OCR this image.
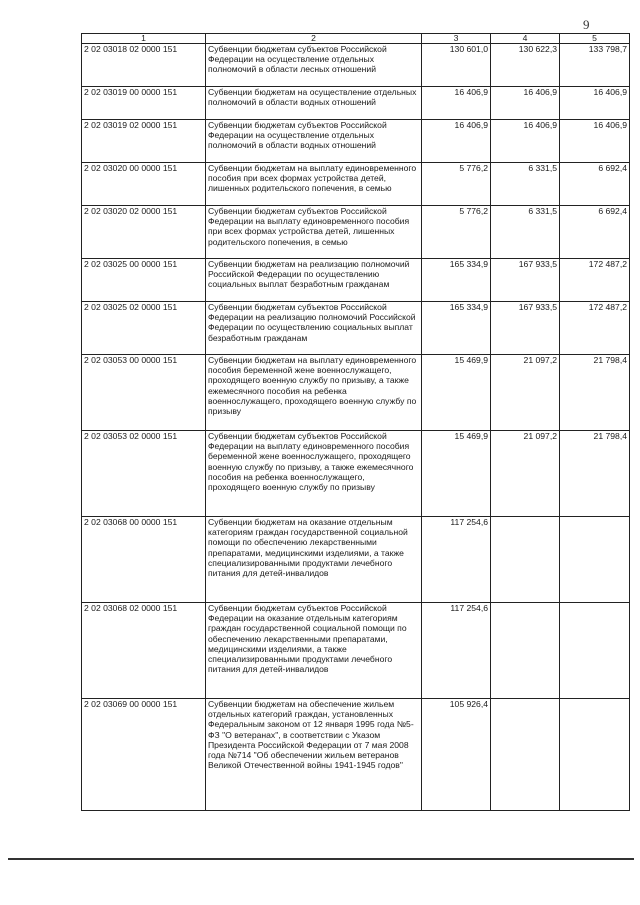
9
1	2	3	4	5
2 02 03018 02 0000 151	Субвенции бюджетам субъектов Российской Федерации на осуществление отдельных полномочий в области лесных отношений	130 601,0	130 622,3	133 798,7
2 02 03019 00 0000 151	Субвенции бюджетам на осуществление отдельных полномочий в области водных отношений	16 406,9	16 406,9	16 406,9
2 02 03019 02 0000 151	Субвенции бюджетам субъектов Российской Федерации на осуществление отдельных полномочий в области водных отношений	16 406,9	16 406,9	16 406,9
2 02 03020 00 0000 151	Субвенции бюджетам на выплату единовременного пособия при всех формах устройства детей, лишенных родительского попечения, в семью	5 776,2	6 331,5	6 692,4
2 02 03020 02 0000 151	Субвенции бюджетам субъектов Российской Федерации на выплату единовременного пособия при всех формах устройства детей, лишенных родительского попечения, в семью	5 776,2	6 331,5	6 692,4
2 02 03025 00 0000 151	Субвенции бюджетам на реализацию полномочий Российской Федерации по осуществлению социальных выплат безработным гражданам	165 334,9	167 933,5	172 487,2
2 02 03025 02 0000 151	Субвенции бюджетам субъектов Российской Федерации на реализацию полномочий Российской Федерации по осуществлению социальных выплат безработным гражданам	165 334,9	167 933,5	172 487,2
2 02 03053 00 0000 151	Субвенции бюджетам на выплату единовременного пособия беременной жене военнослужащего, проходящего военную службу по призыву, а также ежемесячного пособия на ребенка военнослужащего, проходящего военную службу по призыву	15 469,9	21 097,2	21 798,4
2 02 03053 02 0000 151	Субвенции бюджетам субъектов Российской Федерации на выплату единовременного пособия беременной жене военнослужащего, проходящего военную службу по призыву, а также ежемесячного пособия на ребенка военнослужащего, проходящего военную службу по призыву	15 469,9	21 097,2	21 798,4
2 02 03068 00 0000 151	Субвенции бюджетам на оказание отдельным категориям граждан государственной социальной помощи по обеспечению лекарственными препаратами, медицинскими изделиями, а также специализированными продуктами лечебного питания для детей-инвалидов	117 254,6		
2 02 03068 02 0000 151	Субвенции бюджетам субъектов Российской Федерации на оказание отдельным категориям граждан государственной социальной помощи по обеспечению лекарственными препаратами, медицинскими изделиями, а также специализированными продуктами лечебного питания для детей-инвалидов	117 254,6		
2 02 03069 00 0000 151	Субвенции бюджетам на обеспечение жильем отдельных категорий граждан, установленных Федеральным законом от 12 января 1995 года №5-ФЗ "О ветеранах", в соответствии с Указом Президента Российской Федерации от 7 мая 2008 года №714 "Об обеспечении жильем ветеранов Великой Отечественной войны 1941-1945 годов"	105 926,4		
